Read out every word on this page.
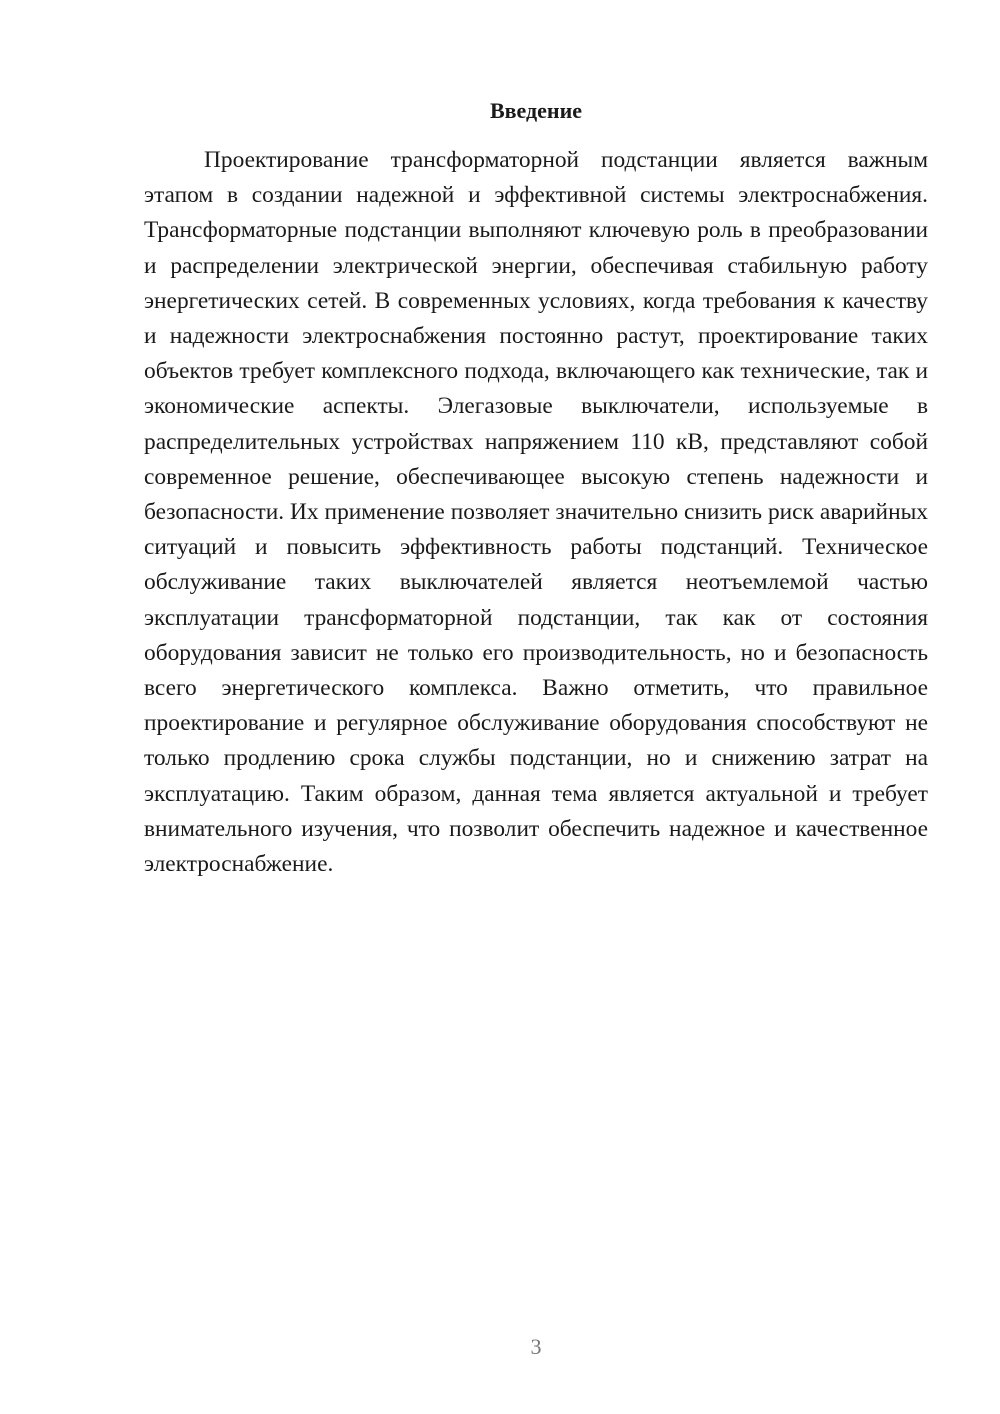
Введение

Проектирование трансформаторной подстанции является важным этапом в создании надежной и эффективной системы электроснабжения. Трансформаторные подстанции выполняют ключевую роль в преобразовании и распределении электрической энергии, обеспечивая стабильную работу энергетических сетей. В современных условиях, когда требования к качеству и надежности электроснабжения постоянно растут, проектирование таких объектов требует комплексного подхода, включающего как технические, так и экономические аспекты. Элегазовые выключатели, используемые в распределительных устройствах напряжением 110 кВ, представляют собой современное решение, обеспечивающее высокую степень надежности и безопасности. Их применение позволяет значительно снизить риск аварийных ситуаций и повысить эффективность работы подстанций. Техническое обслуживание таких выключателей является неотъемлемой частью эксплуатации трансформаторной подстанции, так как от состояния оборудования зависит не только его производительность, но и безопасность всего энергетического комплекса. Важно отметить, что правильное проектирование и регулярное обслуживание оборудования способствуют не только продлению срока службы подстанции, но и снижению затрат на эксплуатацию. Таким образом, данная тема является актуальной и требует внимательного изучения, что позволит обеспечить надежное и качественное электроснабжение.

3
